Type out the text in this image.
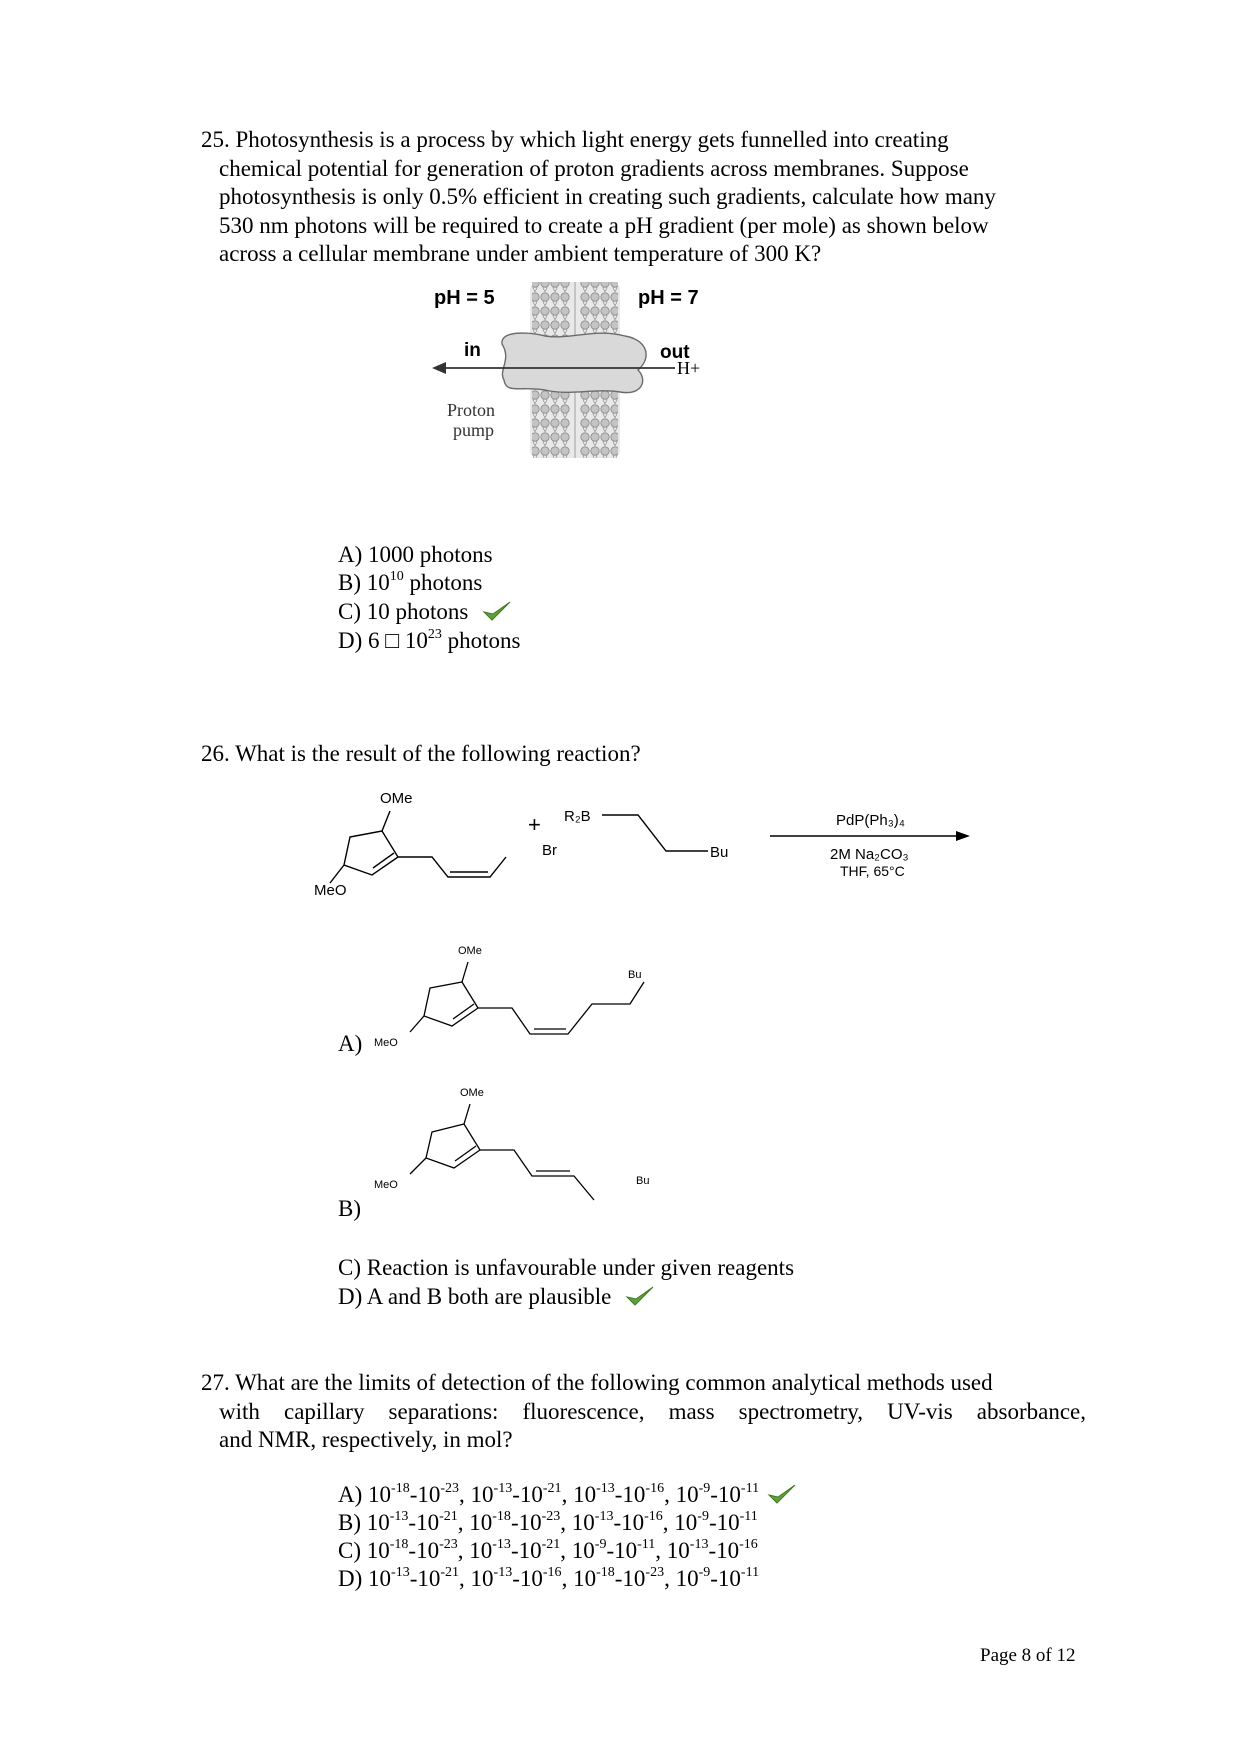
25. Photosynthesis is a process by which light energy gets funnelled into creating
chemical potential for generation of proton gradients across membranes. Suppose
photosynthesis is only 0.5% efficient in creating such gradients, calculate how many
530 nm photons will be required to create a pH gradient (per mole) as shown below
across a cellular membrane under ambient temperature of 300 K?
pH = 5	pH = 7
in	out
H+
Proton
pump
A) 1000 photons
B) $10^{10}$ photons
C) 10 photons
D) 6 □ $10^{23}$ photons
26. What is the result of the following reaction?
OMe
MeO
+
Br
R₂B
Bu
PdP(Ph₃)₄
2M Na₂CO₃
THF, 65°C
A)
OMe
MeO
Bu
OMe
MeO	Bu
B)
C) Reaction is unfavourable under given reagents
D) A and B both are plausible
27. What are the limits of detection of the following common analytical methods used
with capillary separations: fluorescence, mass spectrometry, UV-vis absorbance,
and NMR, respectively, in mol?
A) $10^{-18}-10^{-23}$, $10^{-13}-10^{-21}$, $10^{-13}-10^{-16}$, $10^{-9}-10^{-11}$
B) $10^{-13}-10^{-21}$, $10^{-18}-10^{-23}$, $10^{-13}-10^{-16}$, $10^{-9}-10^{-11}$
C) $10^{-18}-10^{-23}$, $10^{-13}-10^{-21}$, $10^{-9}-10^{-11}$, $10^{-13}-10^{-16}$
D) $10^{-13}-10^{-21}$, $10^{-13}-10^{-16}$, $10^{-18}-10^{-23}$, $10^{-9}-10^{-11}$
Page 8 of 12
